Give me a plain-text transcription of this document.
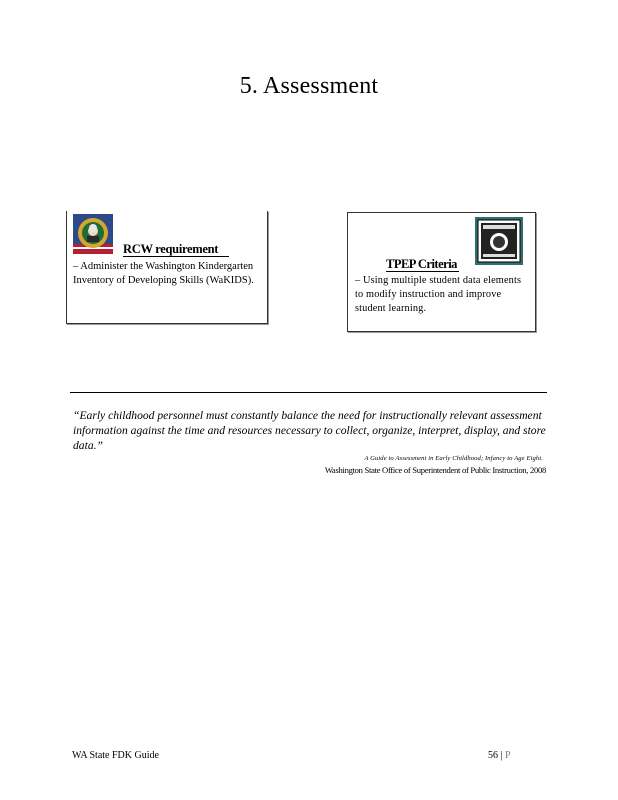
5. Assessment
RCW requirement
– Administer the Washington Kindergarten Inventory of Developing Skills (WaKIDS).
TPEP Criteria
– Using multiple student data elements to modify instruction and improve student learning.
“Early childhood personnel must constantly balance the need for instructionally relevant assessment information against the time and resources necessary to collect, organize, interpret, display, and store data.”
A Guide to Assessment in Early Childhood; Infancy to Age Eight.
Washington State Office of Superintendent of Public Instruction, 2008
WA State FDK Guide	56 | P
